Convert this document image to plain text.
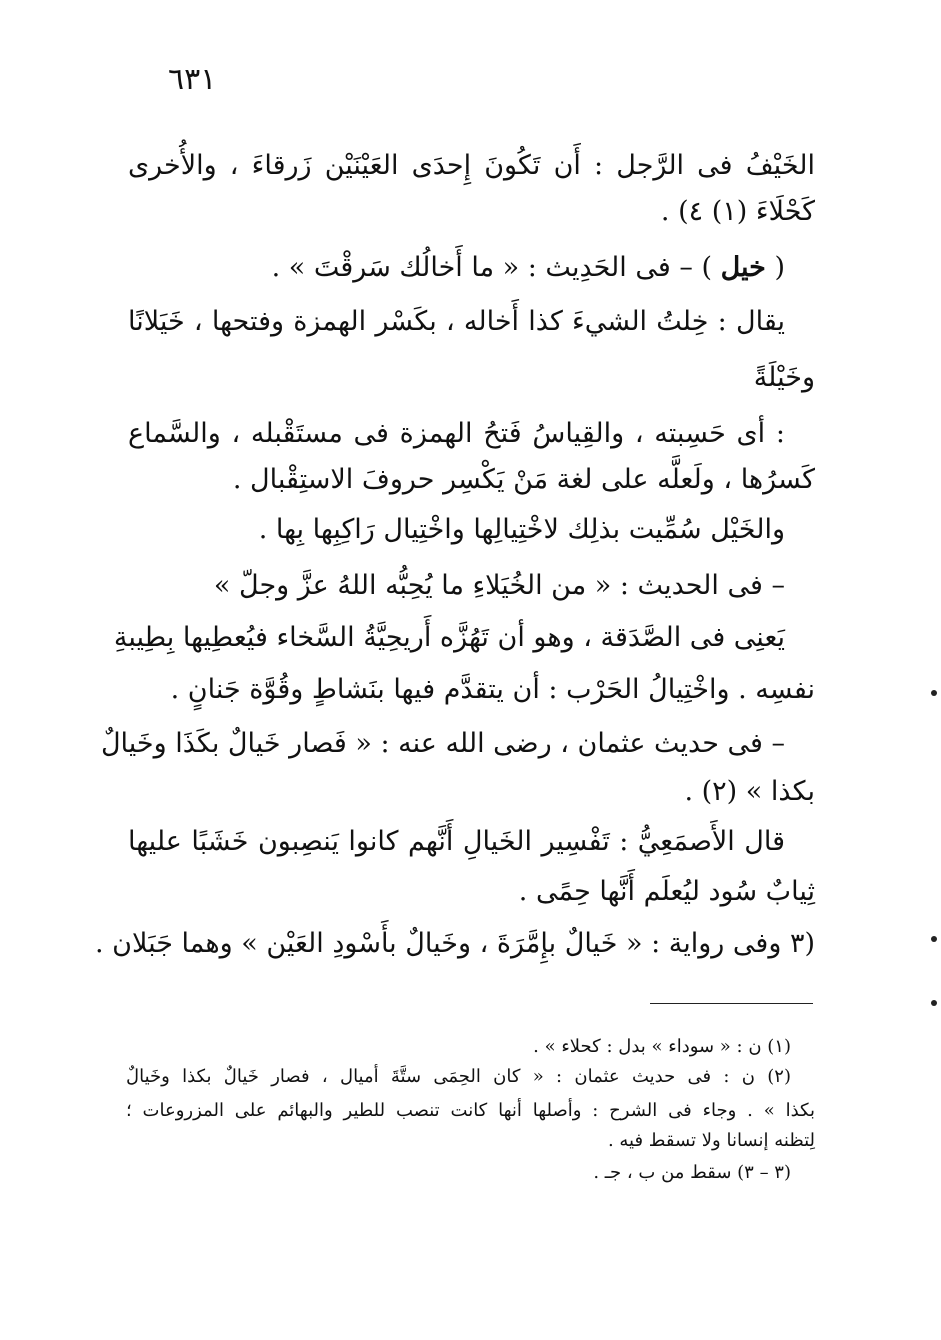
٦٣١
الخَيْفُ فى الرَّجل : أَن تَكُونَ إِحدَى العَيْنَيْن زَرقاءَ ، والأُخرى
كَحْلَاءَ (١) ٤) .
( خيل ) – فى الحَدِيث : « ما أَخالُك سَرقْتَ » .
يقال : خِلتُ الشيءَ كذا أَخاله ، بكَسْر الهمزة وفتحها ، خَيَلانًا
وخَيْلَةً
: أى حَسِبته ، والقِياسُ فَتحُ الهمزة فى مستَقْبله ، والسَّماع
كَسرُها ، ولَعلَّه على لغة مَنْ يَكْسِر حروفَ الاستِقْبال .
والخَيْل سُمِّيت بذلِك لاخْتِيالِها واخْتِيال رَاكِبِها بِها .
– فى الحديث : « من الخُيَلاءِ ما يُحِبُّه اللهُ عزَّ وجلّ »
يَعنِى فى الصَّدَقة ، وهو أن تَهُزَّه أَريحِيَّةُ السَّخاء فيُعطِيها بِطِيبةِ
نفسِه . واخْتِيالُ الحَرْب : أن يتقدَّم فيها بنَشاطٍ وقُوَّة جَنانٍ .
– فى حديث عثمان ، رضى الله عنه : « فَصار خَيالٌ بكَذَا وخَيالٌ
بكذا » (٢) .
قال الأَصمَعِيُّ : تَفْسِير الخَيالِ أَنَّهم كانوا يَنصِبون خَشَبًا عليها
ثِيابٌ سُود ليُعلَم أَنَّها حِمًى .
(٣ وفى رواية : « خَيالٌ بإِمَّرَةَ ، وخَيالٌ بأَسْودِ العَيْن » وهما جَبَلان .
(١) ن : « سوداء » بدل : كحلاء » .
(٢) ن : فى حديث عثمان : « كان الحِمَى ستَّةَ أميال ، فصار خَيالٌ بكذا وخَيالٌ
بكذا » . وجاء فى الشرح : وأصلها أنها كانت تنصب للطير والبهائم على المزروعات ؛
لِتظنه إنسانا ولا تسقط فيه .
(٣ – ٣) سقط من ب ، جـ .
